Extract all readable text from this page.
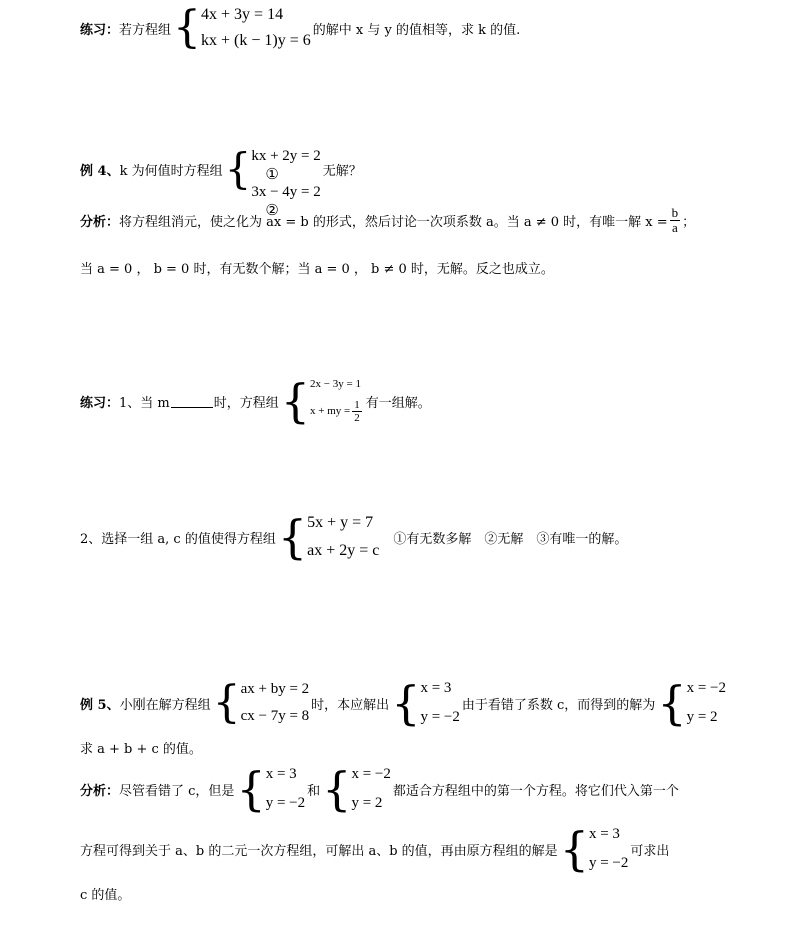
练习： 若方程组 { 4x + 3y = 14
kx + (k − 1)y = 6
的解中 x 与 y 的值相等，求 k 的值.
例 4、 k 为何值时方程组 { kx + 2y = 2
①
3x − 4y = 2
②
无解？
分析： 将方程组消元，使之化为 ax = b 的形式，然后讨论一次项系数 a。当 a ≠ 0 时，有唯一解 $x = \frac{b}{a}$ ；
当 a = 0 ， b = 0 时，有无数个解；当 a = 0 ， b ≠ 0 时，无解。反之也成立。
练习： 1、当 m	时，方程组 { 2x − 3y = 1
x + my = $\frac{1}{2}$ 有一组解。
2、选择一组 a, c 的值使得方程组 { 5x + y = 7
ax + 2y = c
①有无数多解　②无解　③有唯一的解。
例 5、 小刚在解方程组 { ax + by = 2
cx − 7y = 8
时，本应解出 { x = 3
y = −2
由于看错了系数 c，而得到的解为 { x = −2
y = 2
求 a + b + c 的值。
分析： 尽管看错了 c，但是 { x = 3
y = −2
和 { x = −2
y = 2
都适合方程组中的第一个方程。将它们代入第一个
方程可得到关于 a、b 的二元一次方程组，可解出 a、b 的值，再由原方程组的解是 { x = 3
y = −2
可求出
c 的值。
